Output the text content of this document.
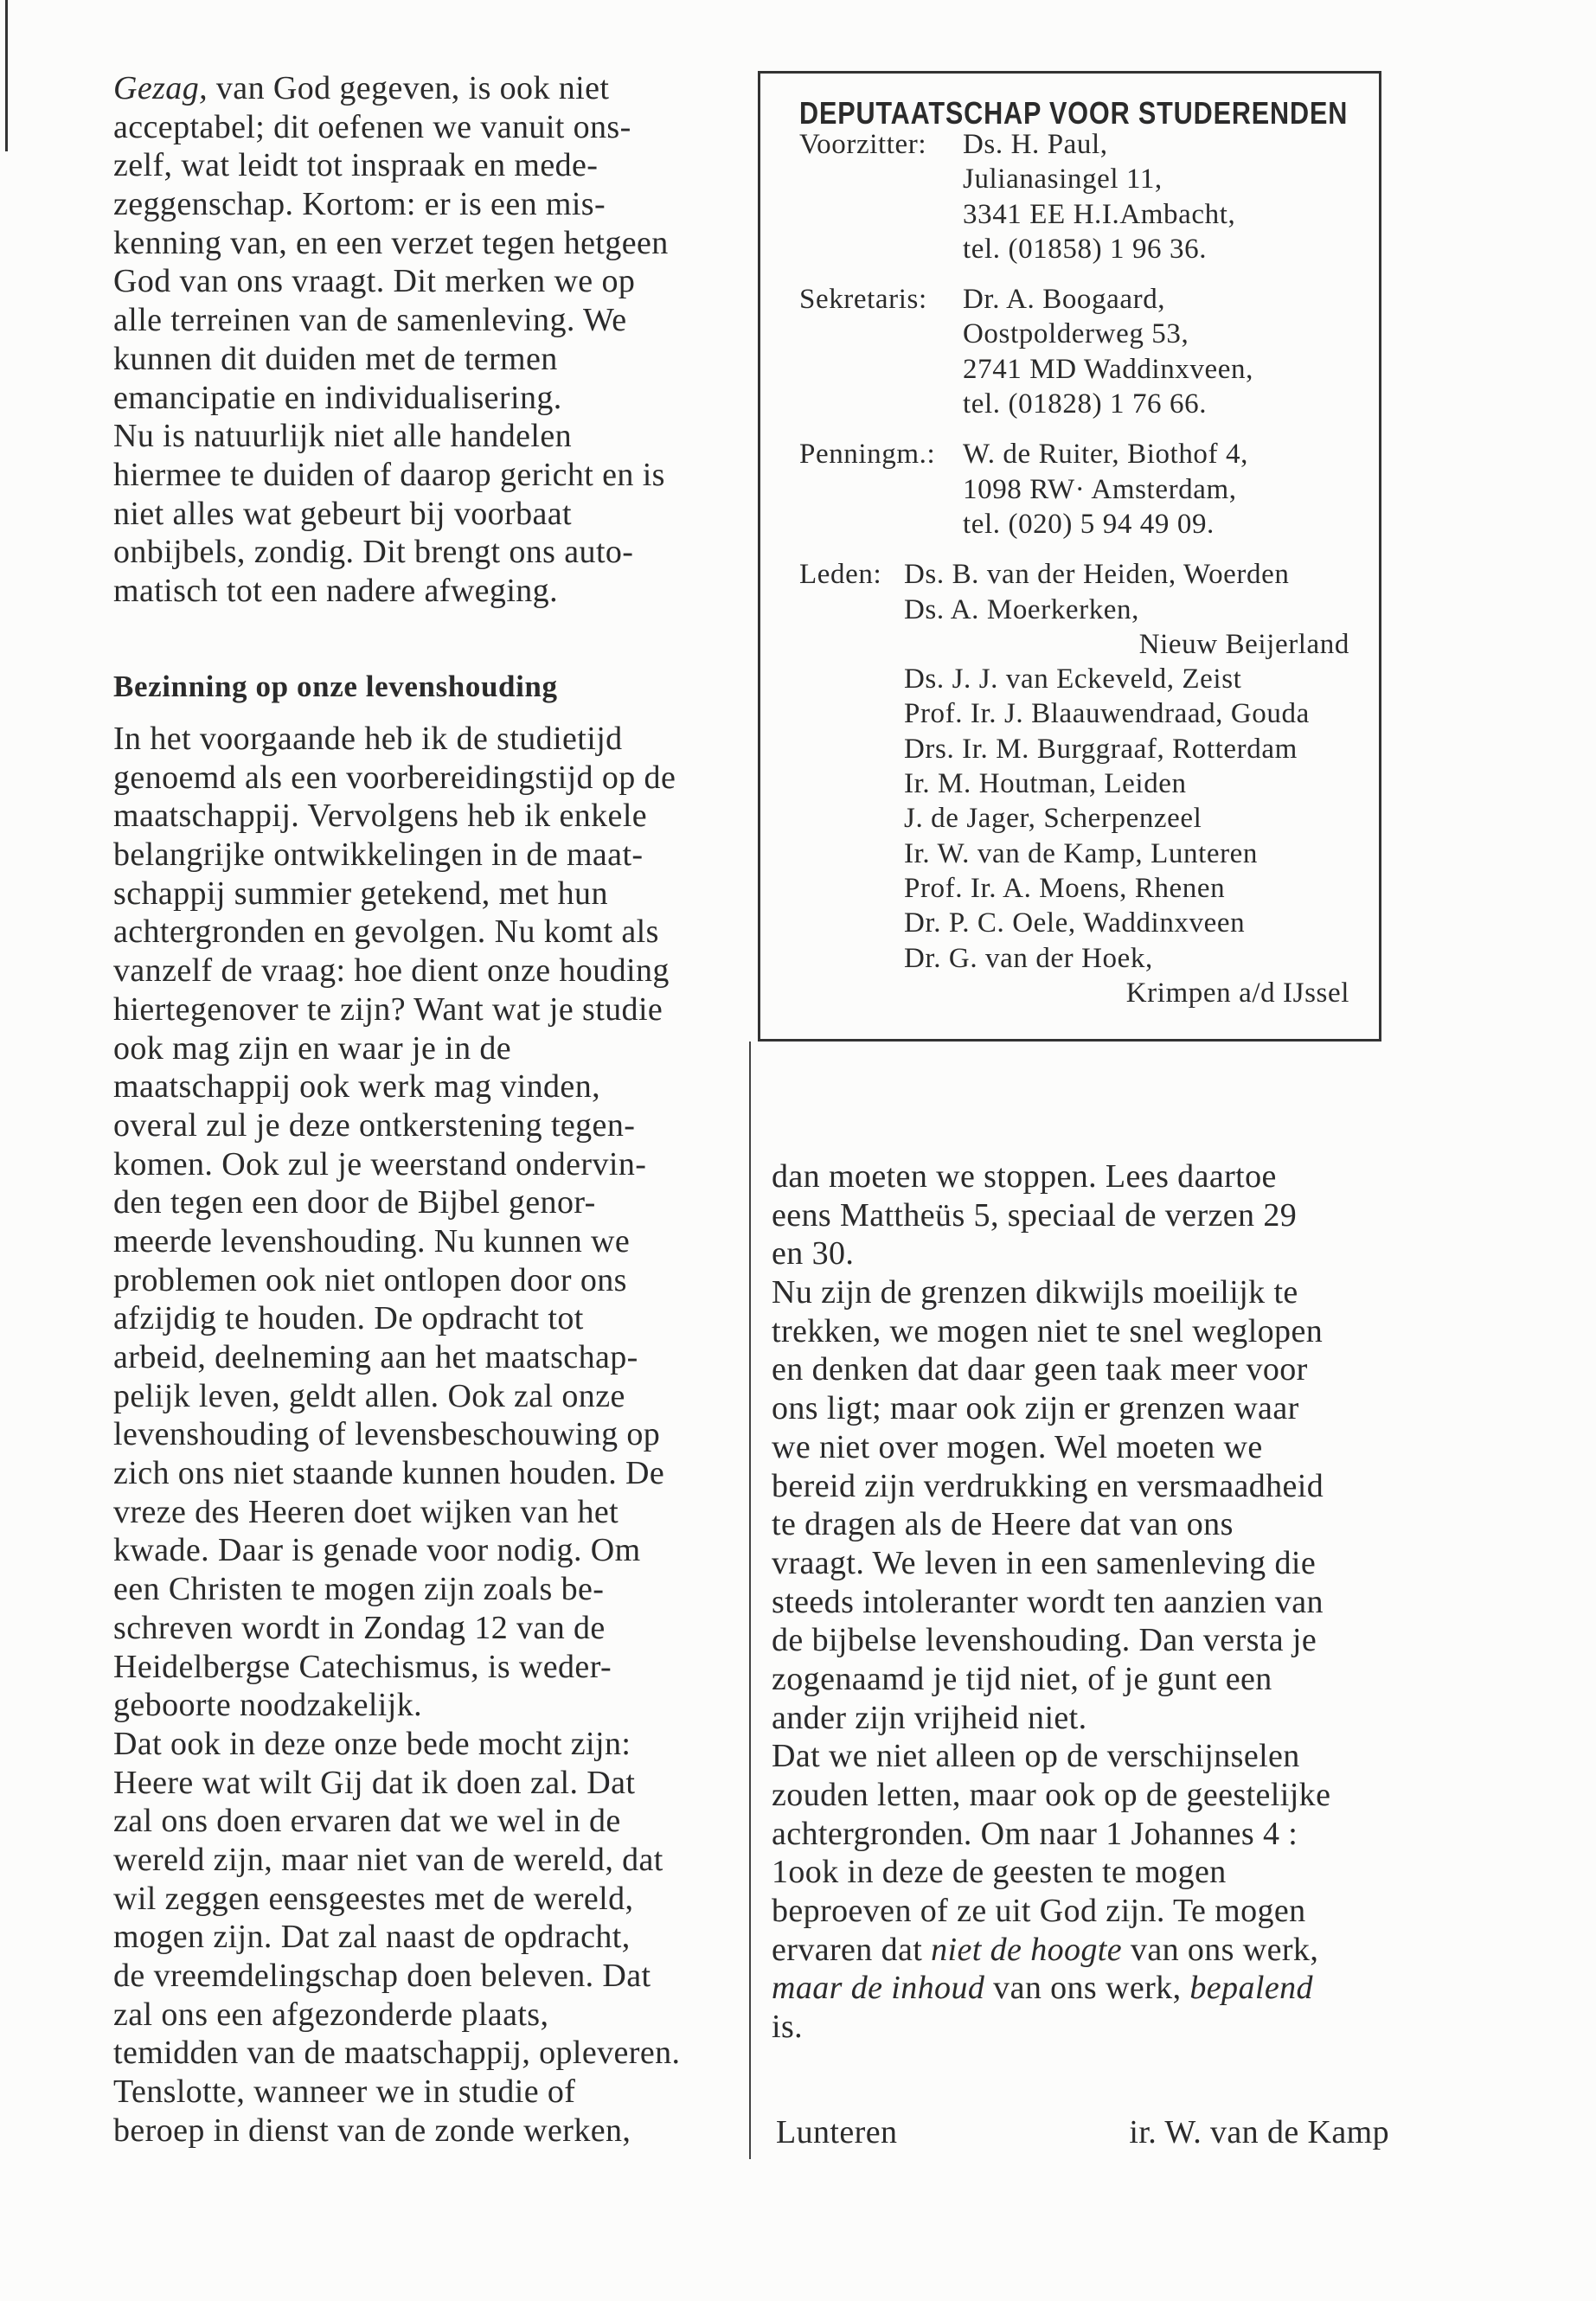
Gezag, van God gegeven, is ook niet
acceptabel; dit oefenen we vanuit ons-
zelf, wat leidt tot inspraak en mede-
zeggenschap. Kortom: er is een mis-
kenning van, en een verzet tegen hetgeen
God van ons vraagt. Dit merken we op
alle terreinen van de samenleving. We
kunnen dit duiden met de termen
emancipatie en individualisering.
Nu is natuurlijk niet alle handelen
hiermee te duiden of daarop gericht en is
niet alles wat gebeurt bij voorbaat
onbijbels, zondig. Dit brengt ons auto-
matisch tot een nadere afweging.
Bezinning op onze levenshouding
In het voorgaande heb ik de studietijd
genoemd als een voorbereidingstijd op de
maatschappij. Vervolgens heb ik enkele
belangrijke ontwikkelingen in de maat-
schappij summier getekend, met hun
achtergronden en gevolgen. Nu komt als
vanzelf de vraag: hoe dient onze houding
hiertegenover te zijn? Want wat je studie
ook mag zijn en waar je in de
maatschappij ook werk mag vinden,
overal zul je deze ontkerstening tegen-
komen. Ook zul je weerstand ondervin-
den tegen een door de Bijbel genor-
meerde levenshouding. Nu kunnen we
problemen ook niet ontlopen door ons
afzijdig te houden. De opdracht tot
arbeid, deelneming aan het maatschap-
pelijk leven, geldt allen. Ook zal onze
levenshouding of levensbeschouwing op
zich ons niet staande kunnen houden. De
vreze des Heeren doet wijken van het
kwade. Daar is genade voor nodig. Om
een Christen te mogen zijn zoals be-
schreven wordt in Zondag 12 van de
Heidelbergse Catechismus, is weder-
geboorte noodzakelijk.
Dat ook in deze onze bede mocht zijn:
Heere wat wilt Gij dat ik doen zal. Dat
zal ons doen ervaren dat we wel in de
wereld zijn, maar niet van de wereld, dat
wil zeggen eensgeestes met de wereld,
mogen zijn. Dat zal naast de opdracht,
de vreemdelingschap doen beleven. Dat
zal ons een afgezonderde plaats,
temidden van de maatschappij, opleveren.
Tenslotte, wanneer we in studie of
beroep in dienst van de zonde werken,
DEPUTAATSCHAP VOOR STUDERENDEN
Voorzitter: Ds. H. Paul,
Julianasingel 11,
3341 EE H.I.Ambacht,
tel. (01858) 1 96 36.
Sekretaris: Dr. A. Boogaard,
Oostpolderweg 53,
2741 MD Waddinxveen,
tel. (01828) 1 76 66.
Penningm.: W. de Ruiter, Biothof 4,
1098 RW· Amsterdam,
tel. (020) 5 94 49 09.
Leden: Ds. B. van der Heiden, Woerden
Ds. A. Moerkerken,
Nieuw Beijerland
Ds. J. J. van Eckeveld, Zeist
Prof. Ir. J. Blaauwendraad, Gouda
Drs. Ir. M. Burggraaf, Rotterdam
Ir. M. Houtman, Leiden
J. de Jager, Scherpenzeel
Ir. W. van de Kamp, Lunteren
Prof. Ir. A. Moens, Rhenen
Dr. P. C. Oele, Waddinxveen
Dr. G. van der Hoek,
Krimpen a/d IJssel
dan moeten we stoppen. Lees daartoe
eens Mattheüs 5, speciaal de verzen 29
en 30.
Nu zijn de grenzen dikwijls moeilijk te
trekken, we mogen niet te snel weglopen
en denken dat daar geen taak meer voor
ons ligt; maar ook zijn er grenzen waar
we niet over mogen. Wel moeten we
bereid zijn verdrukking en versmaadheid
te dragen als de Heere dat van ons
vraagt. We leven in een samenleving die
steeds intoleranter wordt ten aanzien van
de bijbelse levenshouding. Dan versta je
zogenaamd je tijd niet, of je gunt een
ander zijn vrijheid niet.
Dat we niet alleen op de verschijnselen
zouden letten, maar ook op de geestelijke
achtergronden. Om naar 1 Johannes 4 :
1ook in deze de geesten te mogen
beproeven of ze uit God zijn. Te mogen
ervaren dat niet de hoogte van ons werk,
maar de inhoud van ons werk, bepalend
is.
Lunteren	ir. W. van de Kamp
